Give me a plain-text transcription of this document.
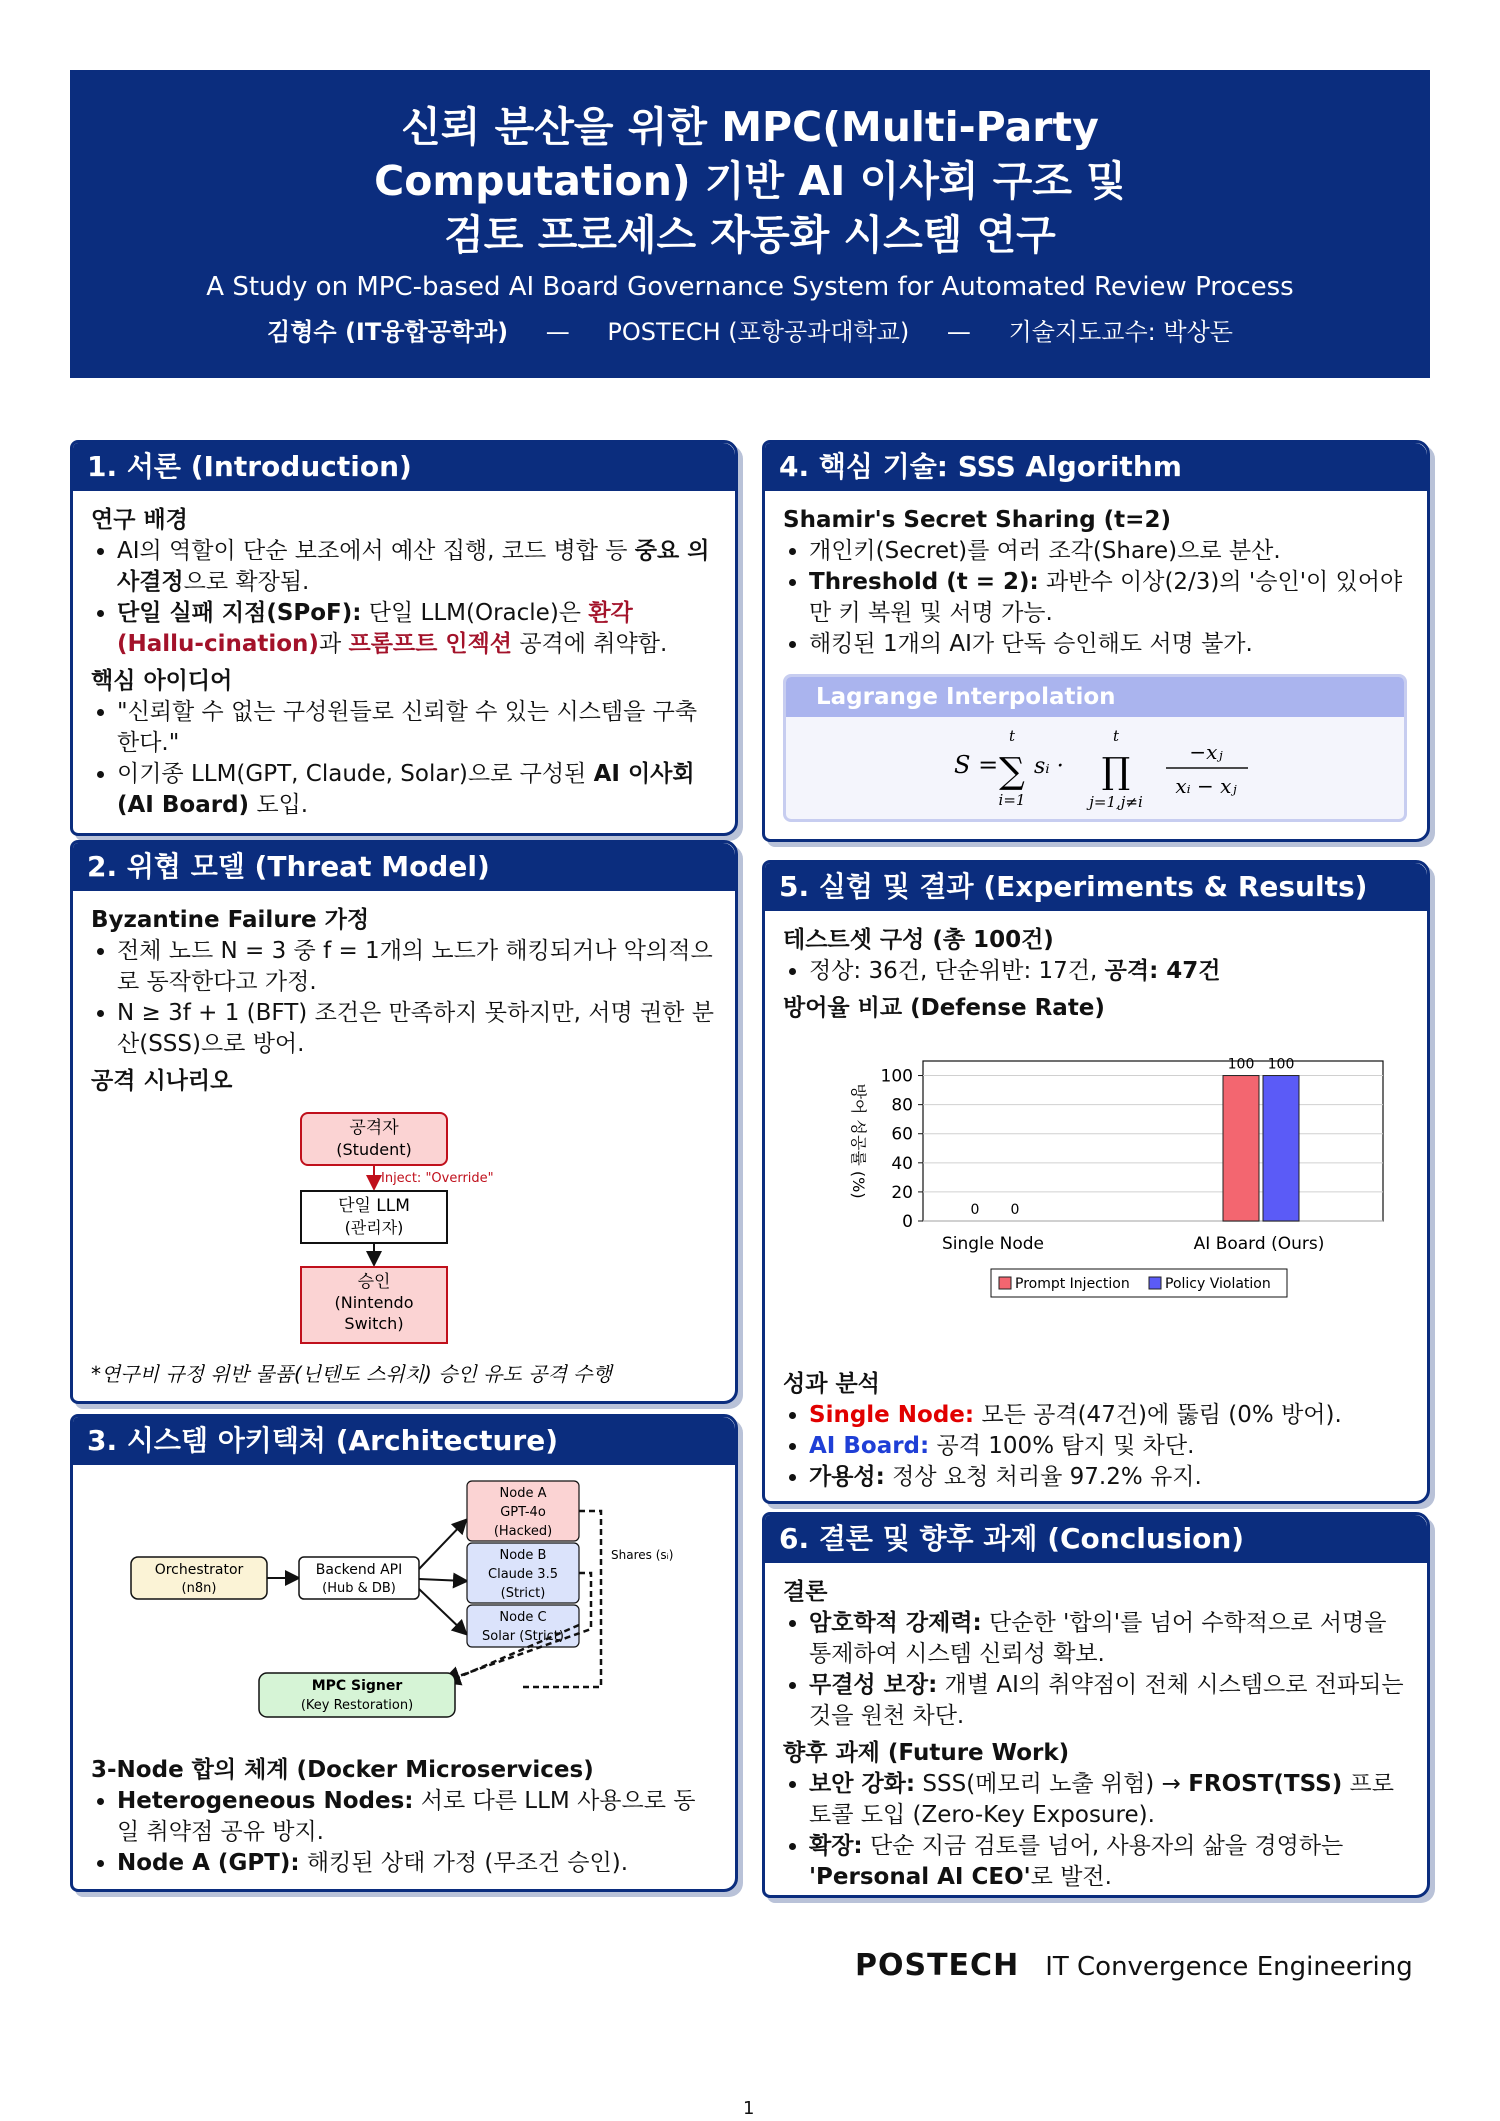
신뢰 분산을 위한 MPC(Multi-Party
Computation) 기반 AI 이사회 구조 및
검토 프로세스 자동화 시스템 연구
A Study on MPC-based AI Board Governance System for Automated Review Process
김형수 (IT융합공학과) — POSTECH (포항공과대학교) — 기술지도교수: 박상돈
1. 서론 (Introduction)
연구 배경
• AI의 역할이 단순 보조에서 예산 집행, 코드 병합 등 중요 의사결정으로 확장됨.
• 단일 실패 지점(SPoF): 단일 LLM(Oracle)은 환각(Hallu-cination)과 프롬프트 인젝션 공격에 취약함.
핵심 아이디어
• "신뢰할 수 없는 구성원들로 신뢰할 수 있는 시스템을 구축한다."
• 이기종 LLM(GPT, Claude, Solar)으로 구성된 AI 이사회 (AI Board) 도입.
2. 위협 모델 (Threat Model)
Byzantine Failure 가정
• 전체 노드 N = 3 중 f = 1개의 노드가 해킹되거나 악의적으로 동작한다고 가정.
• N ≥ 3f + 1 (BFT) 조건은 만족하지 못하지만, 서명 권한 분산(SSS)으로 방어.
공격 시나리오
공격자
(Student)
Inject: "Override"
단일 LLM
(관리자)
승인
(Nintendo
Switch)
*연구비 규정 위반 물품(닌텐도 스위치) 승인 유도 공격 수행
3. 시스템 아키텍처 (Architecture)
Orchestrator
(n8n)
Backend API
(Hub & DB)
Node A
GPT-4o
(Hacked)
Node B
Claude 3.5
(Strict)
Node C
Solar (Strict)
Shares (sᵢ)
MPC Signer
(Key Restoration)
3-Node 합의 체계 (Docker Microservices)
• Heterogeneous Nodes: 서로 다른 LLM 사용으로 동일 취약점 공유 방지.
• Node A (GPT): 해킹된 상태 가정 (무조건 승인).
4. 핵심 기술: SSS Algorithm
Shamir's Secret Sharing (t=2)
• 개인키(Secret)를 여러 조각(Share)으로 분산.
• Threshold (t = 2): 과반수 이상(2/3)의 '승인'이 있어야만 키 복원 및 서명 가능.
• 해킹된 1개의 AI가 단독 승인해도 서명 불가.
Lagrange Interpolation
S =
t
∑
i=1
sᵢ ·
t
∏
j=1,j≠i
−xⱼ
xᵢ − xⱼ
5. 실험 및 결과 (Experiments & Results)
테스트셋 구성 (총 100건)
• 정상: 36건, 단순위반: 17건, 공격: 47건
방어율 비교 (Defense Rate)
0
20
40
60
80
100
방어 성공률 (%)
0 0
Single Node
100 100
AI Board (Ours)
Prompt Injection	Policy Violation
성과 분석
• Single Node: 모든 공격(47건)에 뚫림 (0% 방어).
• AI Board: 공격 100% 탐지 및 차단.
• 가용성: 정상 요청 처리율 97.2% 유지.
6. 결론 및 향후 과제 (Conclusion)
결론
• 암호학적 강제력: 단순한 '합의'를 넘어 수학적으로 서명을 통제하여 시스템 신뢰성 확보.
• 무결성 보장: 개별 AI의 취약점이 전체 시스템으로 전파되는 것을 원천 차단.
향후 과제 (Future Work)
• 보안 강화: SSS(메모리 노출 위험) → FROST(TSS) 프로토콜 도입 (Zero-Key Exposure).
• 확장: 단순 지금 검토를 넘어, 사용자의 삶을 경영하는 'Personal AI CEO'로 발전.
POSTECH IT Convergence Engineering
1
